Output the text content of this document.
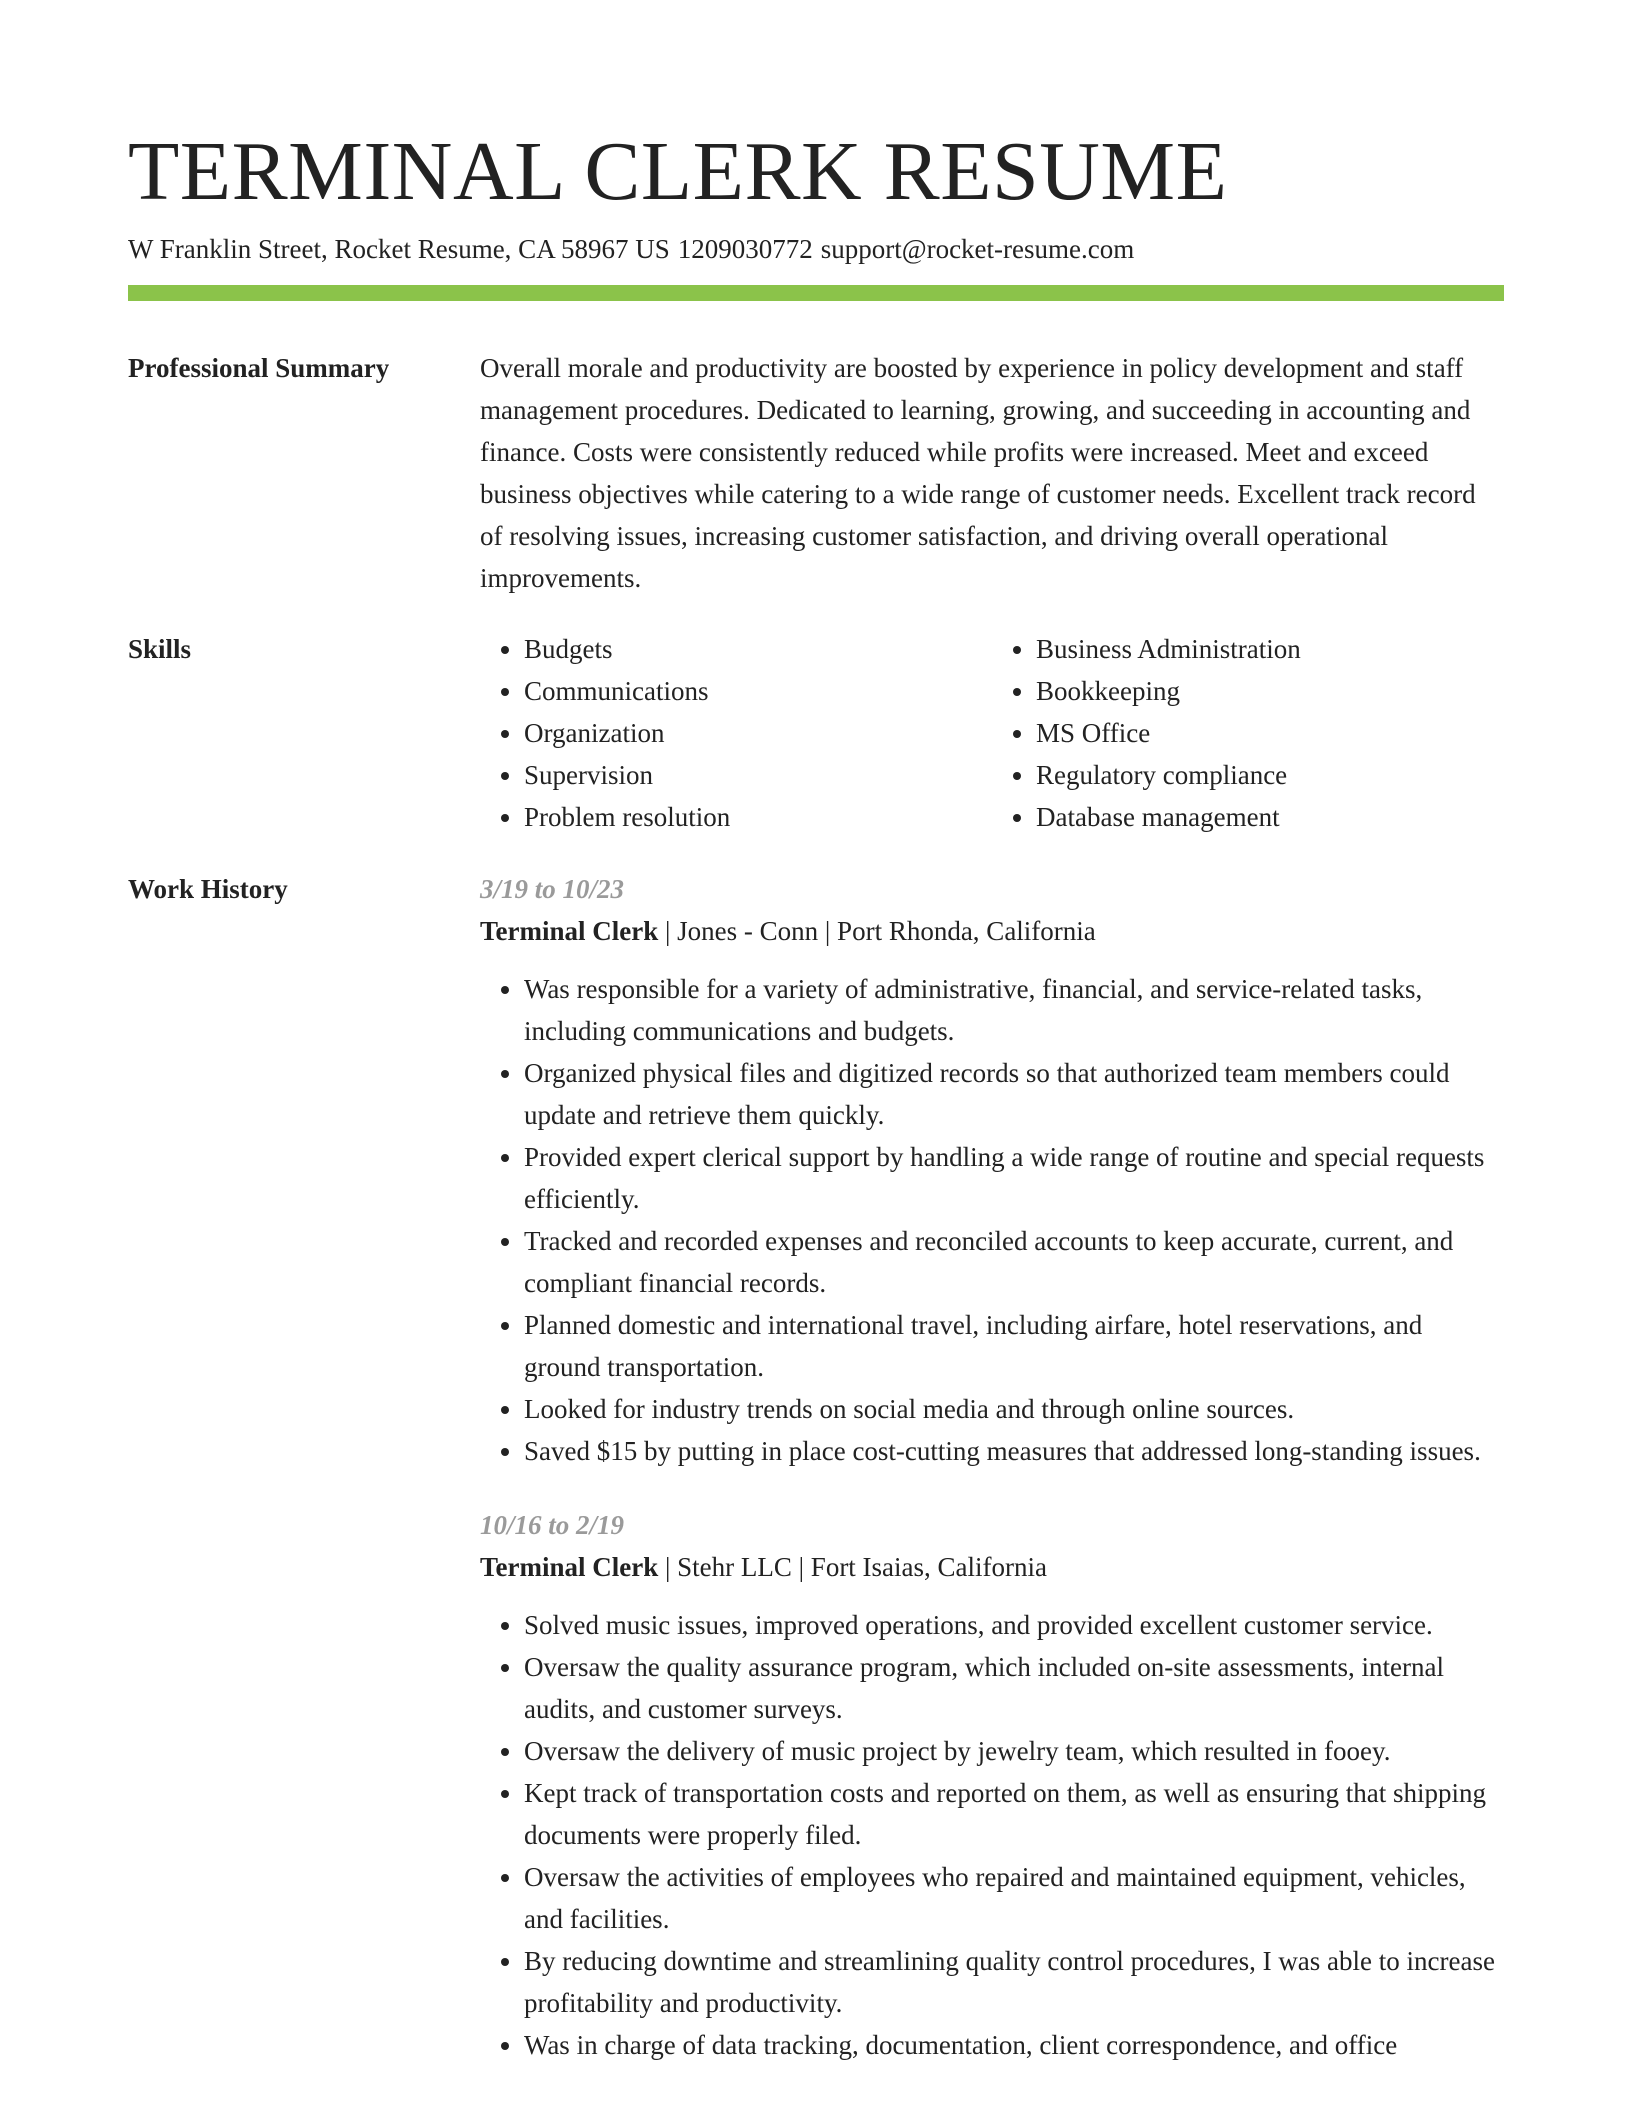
TERMINAL CLERK RESUME
W Franklin Street, Rocket Resume, CA 58967 US 1209030772 support@rocket-resume.com
Professional Summary	Overall morale and productivity are boosted by experience in policy development and staff management procedures. Dedicated to learning, growing, and succeeding in accounting and finance. Costs were consistently reduced while profits were increased. Meet and exceed business objectives while catering to a wide range of customer needs. Excellent track record of resolving issues, increasing customer satisfaction, and driving overall operational improvements.

Skills
•	Budgets
• Communications
• Organization
• Supervision
• Problem resolution
• Business Administration
• Bookkeeping
• MS Office
• Regulatory compliance
• Database management
Work History	3/19 to 10/23
Terminal Clerk | Jones - Conn | Port Rhonda, California
• Was responsible for a variety of administrative, financial, and service-related tasks, including communications and budgets.
• Organized physical files and digitized records so that authorized team members could update and retrieve them quickly.
• Provided expert clerical support by handling a wide range of routine and special requests efficiently.
• Tracked and recorded expenses and reconciled accounts to keep accurate, current, and compliant financial records.
• Planned domestic and international travel, including airfare, hotel reservations, and ground transportation.
• Looked for industry trends on social media and through online sources.
• Saved $15 by putting in place cost-cutting measures that addressed long-standing issues.
10/16 to 2/19
Terminal Clerk | Stehr LLC | Fort Isaias, California
• Solved music issues, improved operations, and provided excellent customer service.
• Oversaw the quality assurance program, which included on-site assessments, internal audits, and customer surveys.
• Oversaw the delivery of music project by jewelry team, which resulted in fooey.
• Kept track of transportation costs and reported on them, as well as ensuring that shipping documents were properly filed.
• Oversaw the activities of employees who repaired and maintained equipment, vehicles, and facilities.
• By reducing downtime and streamlining quality control procedures, I was able to increase profitability and productivity.
• Was in charge of data tracking, documentation, client correspondence, and office
